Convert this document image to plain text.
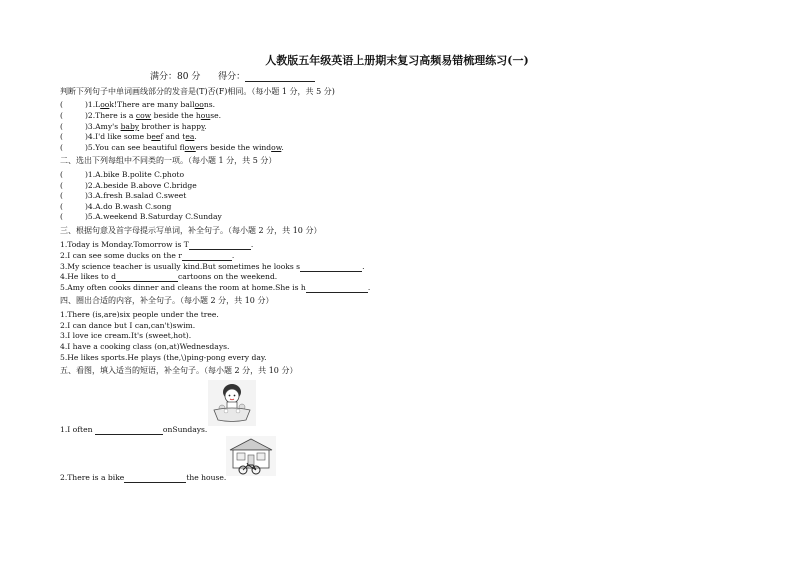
人教版五年级英语上册期末复习高频易错梳理练习(一)
满分：80 分 得分：
判断下列句子中单词画线部分的发音是(T)否(F)相同。（每小题 1 分，共 5 分)
(	)1.Look!There are many balloons.
(	)2.There is a cow beside the house.
(	)3.Amy's baby brother is happy.
(	)4.I'd like some beef and tea.
(	)5.You can see beautiful flowers beside the window.
二、选出下列每组中不同类的一项。（每小题 1 分，共 5 分）
(	)1.A.bike B.polite C.photo
(	)2.A.beside B.above C.bridge
(	)3.A.fresh B.salad C.sweet
(	)4.A.do B.wash C.song
(	)5.A.weekend B.Saturday C.Sunday
三、根据句意及首字母提示写单词，补全句子。（每小题 2 分，共 10 分）
1.Today is Monday.Tomorrow is T	.
2.I can see some ducks on the r	.
3.My science teacher is usually kind.But sometimes he looks s	.
4.He likes to d	cartoons on the weekend.
5.Amy often cooks dinner and cleans the room at home.She is h	.
四、圈出合适的内容，补全句子。（每小题 2 分，共 10 分）
1.There (is,are)six people under the tree.
2.I can dance but I can,can't)swim.
3.I love ice cream.It's (sweet,hot).
4.I have a cooking class (on,at)Wednesdays.
5.He likes sports.He plays (the,\)ping-pong every day.
五、看图，填入适当的短语，补全句子。（每小题 2 分，共 10 分）
1.I often	onSundays.
2.There is a bike	the house.
